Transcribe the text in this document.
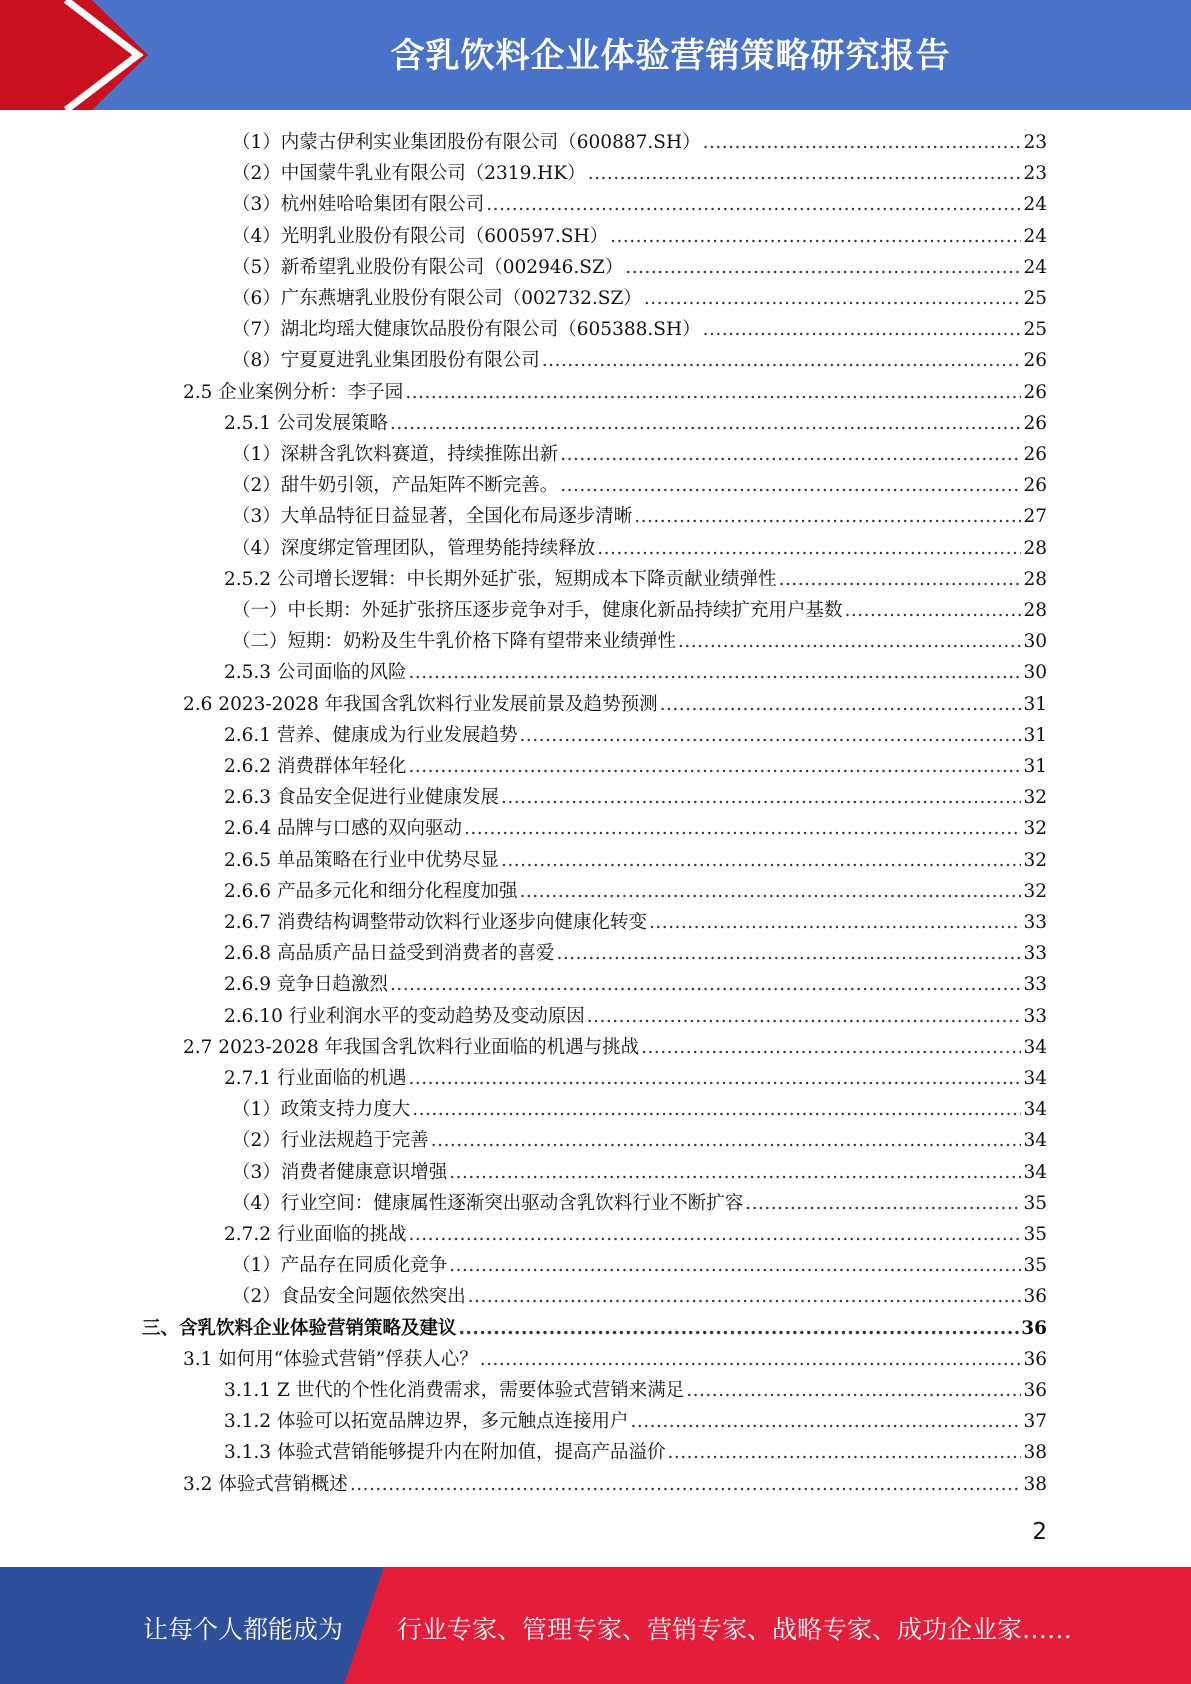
含乳饮料企业体验营销策略研究报告
（1）内蒙古伊利实业集团股份有限公司（600887.SH） .....	23
（2）中国蒙牛乳业有限公司（2319.HK） .....	23
（3）杭州娃哈哈集团有限公司 .....	24
（4）光明乳业股份有限公司（600597.SH） .....	24
（5）新希望乳业股份有限公司（002946.SZ） .....	24
（6）广东燕塘乳业股份有限公司（002732.SZ） .....	25
（7）湖北均瑶大健康饮品股份有限公司（605388.SH） .....	25
（8）宁夏夏进乳业集团股份有限公司 .....	26
2.5 企业案例分析：李子园 .....	26
2.5.1 公司发展策略 .....	26
（1）深耕含乳饮料赛道，持续推陈出新 .....	26
（2）甜牛奶引领，产品矩阵不断完善。 .....	26
（3）大单品特征日益显著，全国化布局逐步清晰 .....	27
（4）深度绑定管理团队，管理势能持续释放 .....	28
2.5.2 公司增长逻辑：中长期外延扩张，短期成本下降贡献业绩弹性 .....	28
（一）中长期：外延扩张挤压逐步竞争对手，健康化新品持续扩充用户基数 .....	28
（二）短期：奶粉及生牛乳价格下降有望带来业绩弹性 .....	30
2.5.3 公司面临的风险 .....	30
2.6 2023-2028 年我国含乳饮料行业发展前景及趋势预测 .....	31
2.6.1 营养、健康成为行业发展趋势 .....	31
2.6.2 消费群体年轻化 .....	31
2.6.3 食品安全促进行业健康发展 .....	32
2.6.4 品牌与口感的双向驱动 .....	32
2.6.5 单品策略在行业中优势尽显 .....	32
2.6.6 产品多元化和细分化程度加强 .....	32
2.6.7 消费结构调整带动饮料行业逐步向健康化转变 .....	33
2.6.8 高品质产品日益受到消费者的喜爱 .....	33
2.6.9 竞争日趋激烈 .....	33
2.6.10 行业利润水平的变动趋势及变动原因 .....	33
2.7 2023-2028 年我国含乳饮料行业面临的机遇与挑战 .....	34
2.7.1 行业面临的机遇 .....	34
（1）政策支持力度大 .....	34
（2）行业法规趋于完善 .....	34
（3）消费者健康意识增强 .....	34
（4）行业空间：健康属性逐渐突出驱动含乳饮料行业不断扩容 .....	35
2.7.2 行业面临的挑战 .....	35
（1）产品存在同质化竞争 .....	35
（2）食品安全问题依然突出 .....	36
三、含乳饮料企业体验营销策略及建议 .....	36
3.1 如何用“体验式营销”俘获人心？ .....	36
3.1.1 Z 世代的个性化消费需求，需要体验式营销来满足 .....	36
3.1.2 体验可以拓宽品牌边界，多元触点连接用户 .....	37
3.1.3 体验式营销能够提升内在附加值，提高产品溢价 .....	38
3.2 体验式营销概述 .....	38
2
让每个人都能成为 行业专家、管理专家、营销专家、战略专家、成功企业家……
